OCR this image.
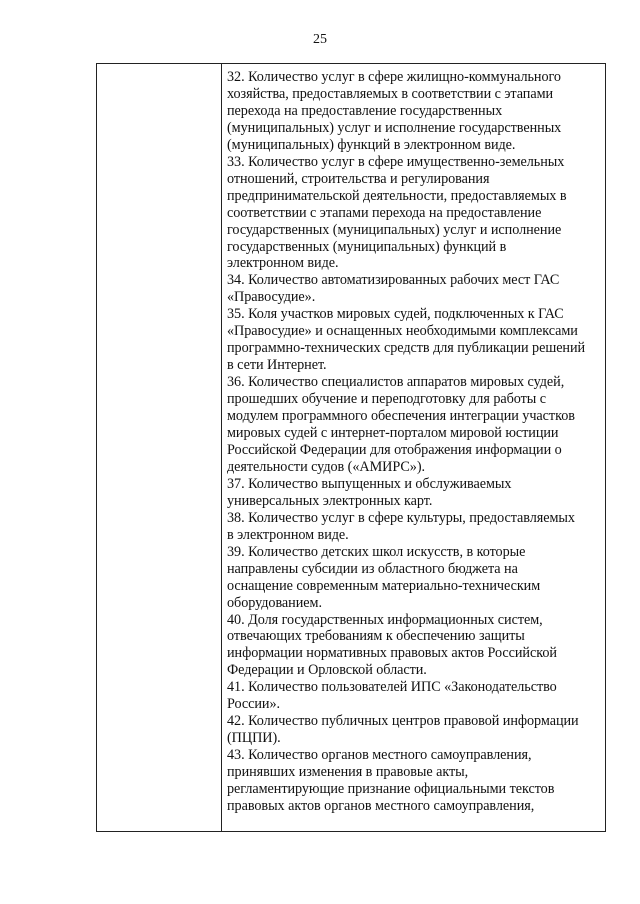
25
32. Количество услуг в сфере жилищно-коммунального
хозяйства, предоставляемых в соответствии с этапами
перехода на предоставление государственных
(муниципальных) услуг и исполнение государственных
(муниципальных) функций в электронном виде.
33. Количество услуг в сфере имущественно-земельных
отношений, строительства и регулирования
предпринимательской деятельности, предоставляемых в
соответствии с этапами перехода на предоставление
государственных (муниципальных) услуг и исполнение
государственных (муниципальных) функций в
электронном виде.
34. Количество автоматизированных рабочих мест ГАС
«Правосудие».
35. Коля участков мировых судей, подключенных к ГАС
«Правосудие» и оснащенных необходимыми комплексами
программно-технических средств для публикации решений
в сети Интернет.
36. Количество специалистов аппаратов мировых судей,
прошедших обучение и переподготовку для работы с
модулем программного обеспечения интеграции участков
мировых судей с интернет-порталом мировой юстиции
Российской Федерации для отображения информации о
деятельности судов («АМИРС»).
37. Количество выпущенных и обслуживаемых
универсальных электронных карт.
38. Количество услуг в сфере культуры, предоставляемых
в электронном виде.
39. Количество детских школ искусств, в которые
направлены субсидии из областного бюджета на
оснащение современным материально-техническим
оборудованием.
40. Доля государственных информационных систем,
отвечающих требованиям к обеспечению защиты
информации нормативных правовых актов Российской
Федерации и Орловской области.
41. Количество пользователей ИПС «Законодательство
России».
42. Количество публичных центров правовой информации
(ПЦПИ).
43. Количество органов местного самоуправления,
принявших изменения в правовые акты,
регламентирующие признание официальными текстов
правовых актов органов местного самоуправления,
